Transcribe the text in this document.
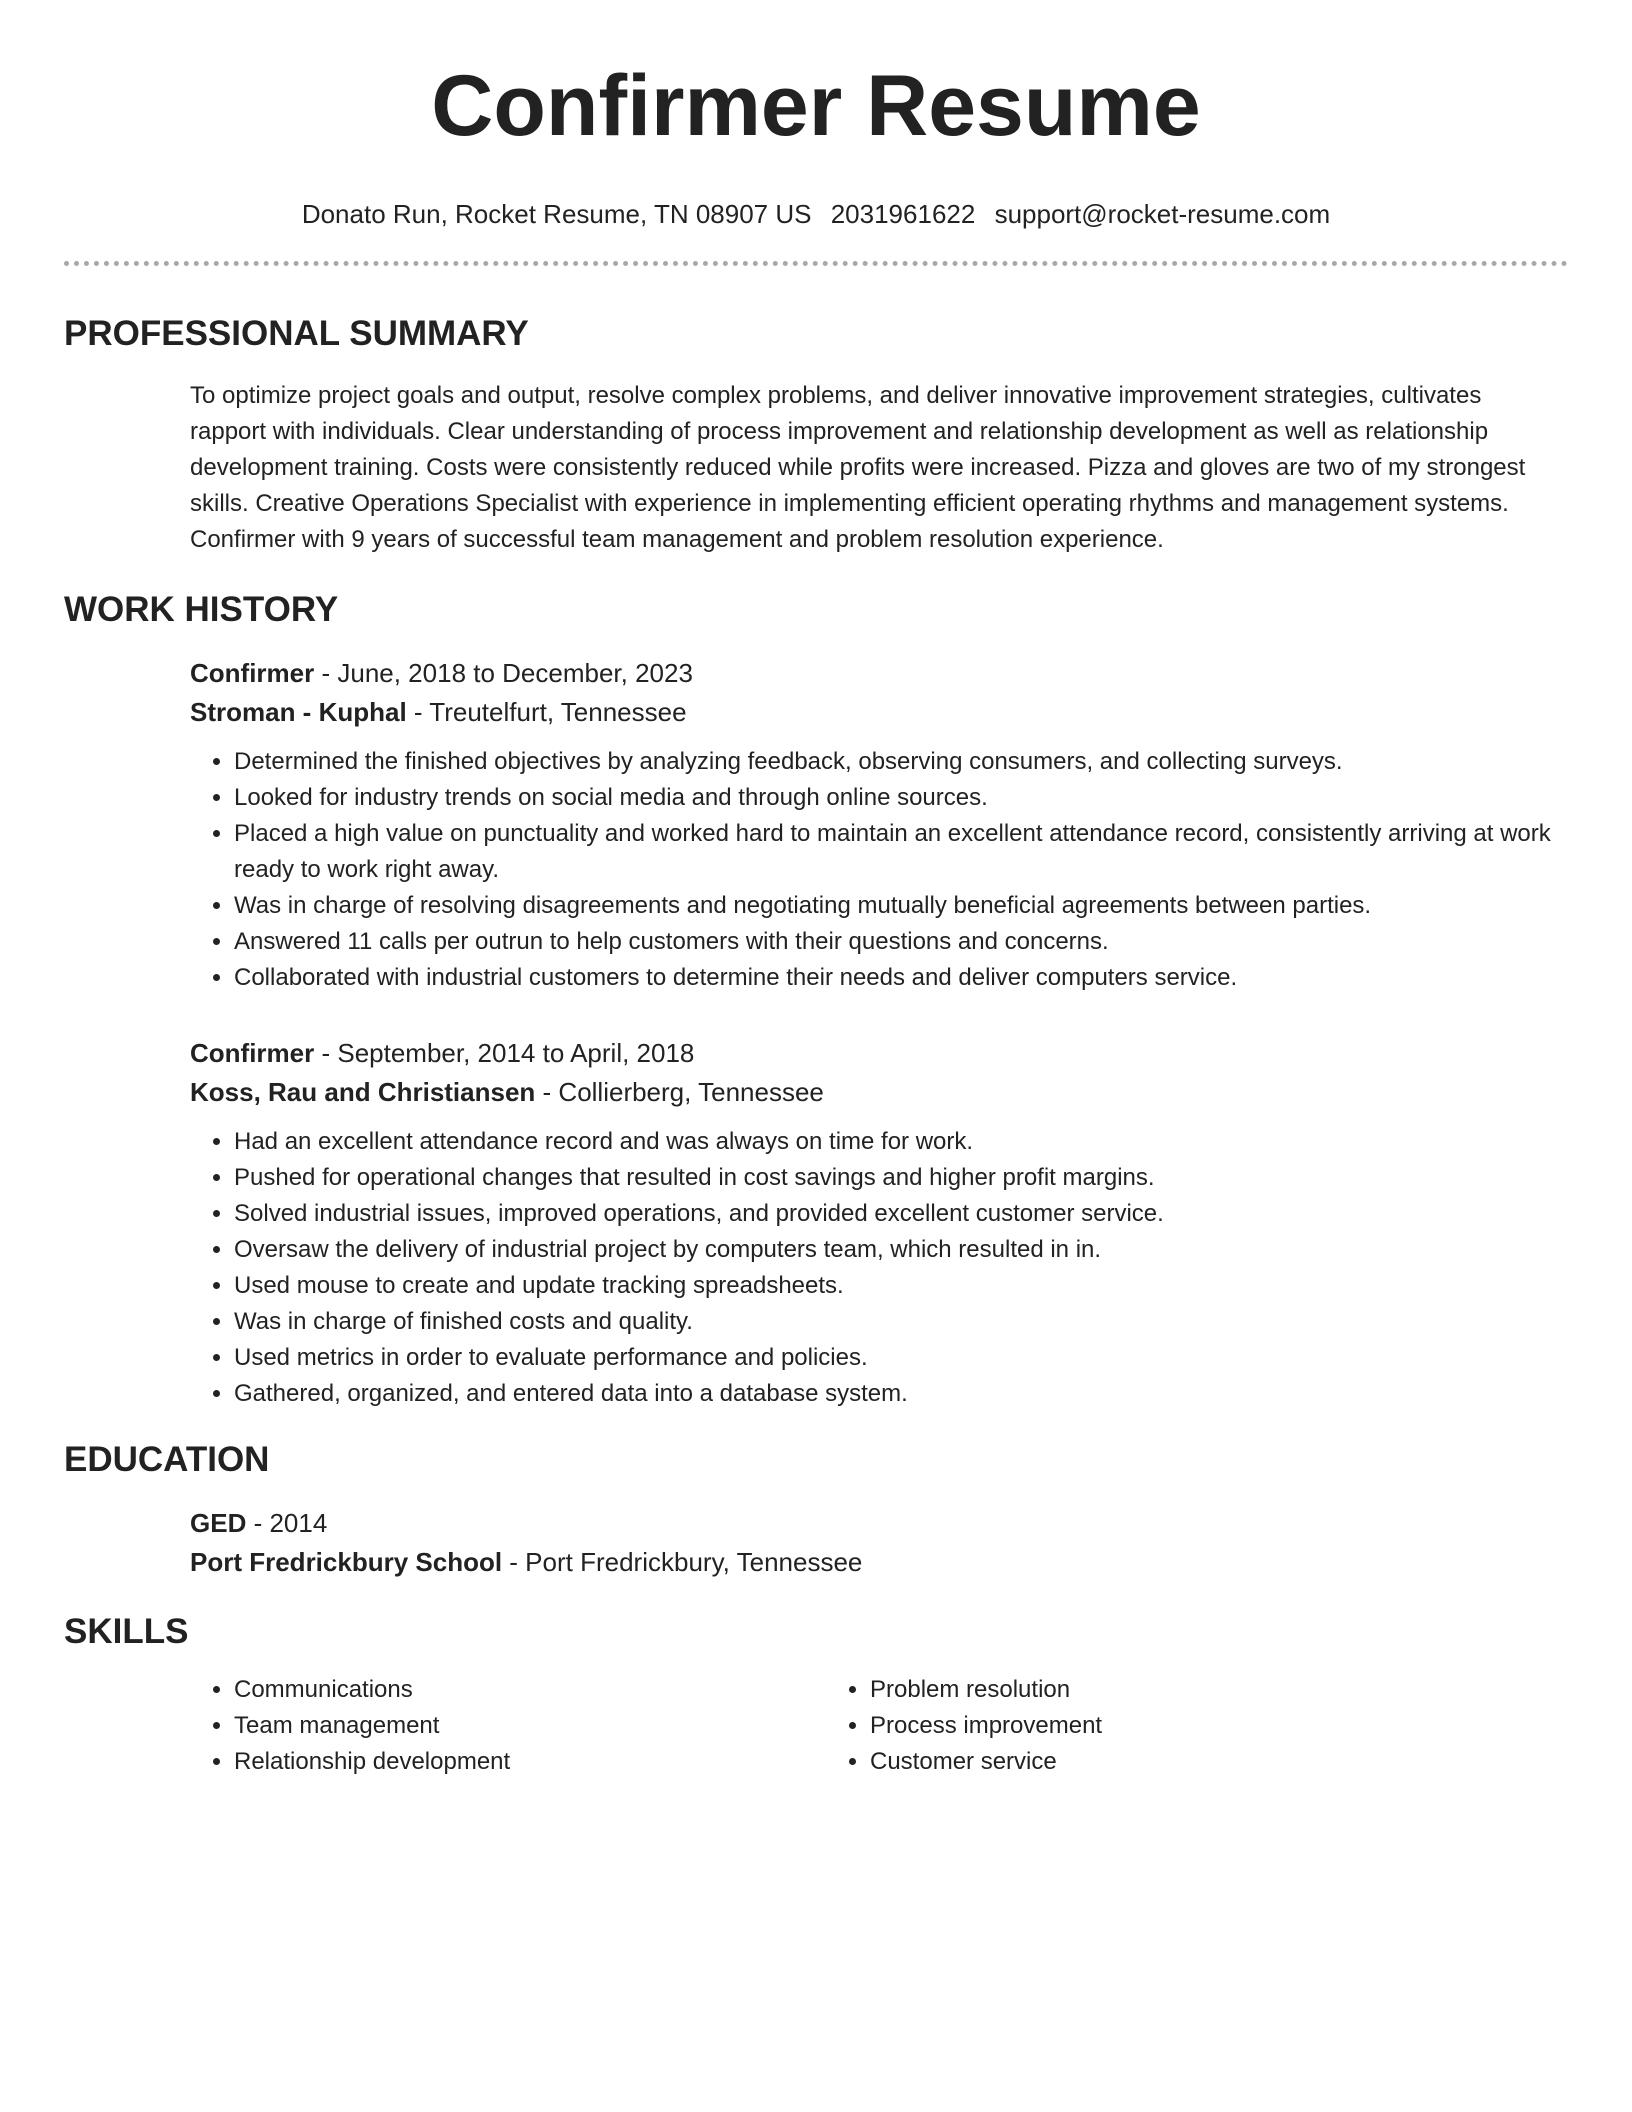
Confirmer Resume
Donato Run, Rocket Resume, TN 08907 US 2031961622 support@rocket-resume.com
PROFESSIONAL SUMMARY

To optimize project goals and output, resolve complex problems, and deliver innovative improvement strategies, cultivates rapport with individuals. Clear understanding of process improvement and relationship development as well as relationship development training. Costs were consistently reduced while profits were increased. Pizza and gloves are two of my strongest skills. Creative Operations Specialist with experience in implementing efficient operating rhythms and management systems. Confirmer with 9 years of successful team management and problem resolution experience.

WORK HISTORY
Confirmer - June, 2018 to December, 2023
Stroman - Kuphal - Treutelfurt, Tennessee
• Determined the finished objectives by analyzing feedback, observing consumers, and collecting surveys.
• Looked for industry trends on social media and through online sources.
• Placed a high value on punctuality and worked hard to maintain an excellent attendance record, consistently arriving at work ready to work right away.
• Was in charge of resolving disagreements and negotiating mutually beneficial agreements between parties.
• Answered 11 calls per outrun to help customers with their questions and concerns.
• Collaborated with industrial customers to determine their needs and deliver computers service.
Confirmer - September, 2014 to April, 2018
Koss, Rau and Christiansen - Collierberg, Tennessee
• Had an excellent attendance record and was always on time for work.
• Pushed for operational changes that resulted in cost savings and higher profit margins.
• Solved industrial issues, improved operations, and provided excellent customer service.
• Oversaw the delivery of industrial project by computers team, which resulted in in.
• Used mouse to create and update tracking spreadsheets.
• Was in charge of finished costs and quality.
• Used metrics in order to evaluate performance and policies.
• Gathered, organized, and entered data into a database system.
EDUCATION
GED - 2014
Port Fredrickbury School - Port Fredrickbury, Tennessee
SKILLS
• Communications
• Team management
• Relationship development
• Problem resolution
• Process improvement
• Customer service
